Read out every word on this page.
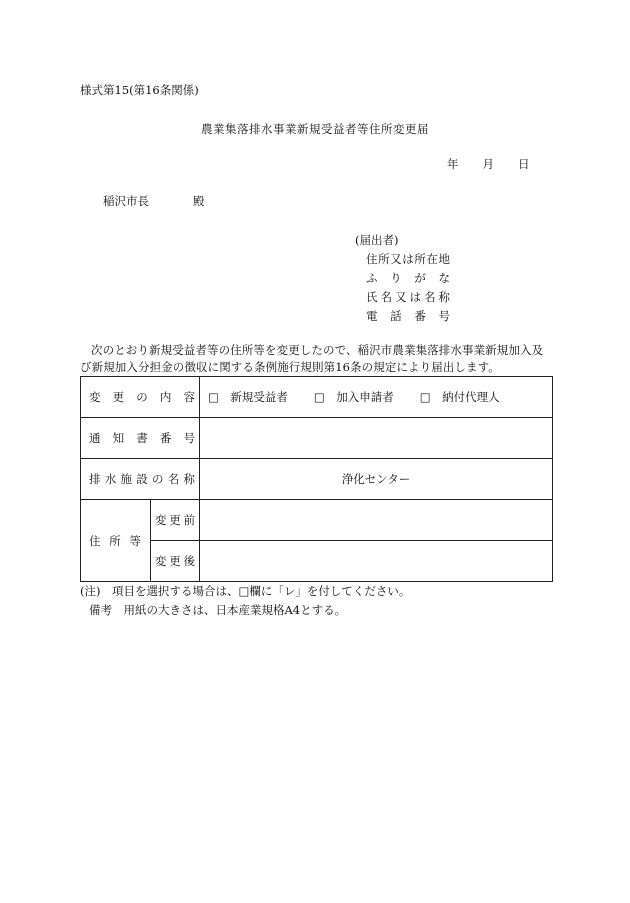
様式第15(第16条関係)
農業集落排水事業新規受益者等住所変更届
年 月 日
稲沢市長	殿
(届出者)
住所又は所在地
ふりがな
氏名又は名称
電話番号
次のとおり新規受益者等の住所等を変更したので、稲沢市農業集落排水事業新規加入及び新規加入分担金の徴収に関する条例施行規則第16条の規定により届出します。
変更の内容		□　新規受益者 □　加入申請者 □　納付代理人
通知書番号		
排水施設の名称		浄化センター
住所等	変更前	
	変更後	
(注)　項目を選択する場合は、□欄に「レ」を付してください。
備考　用紙の大きさは、日本産業規格A4とする。
